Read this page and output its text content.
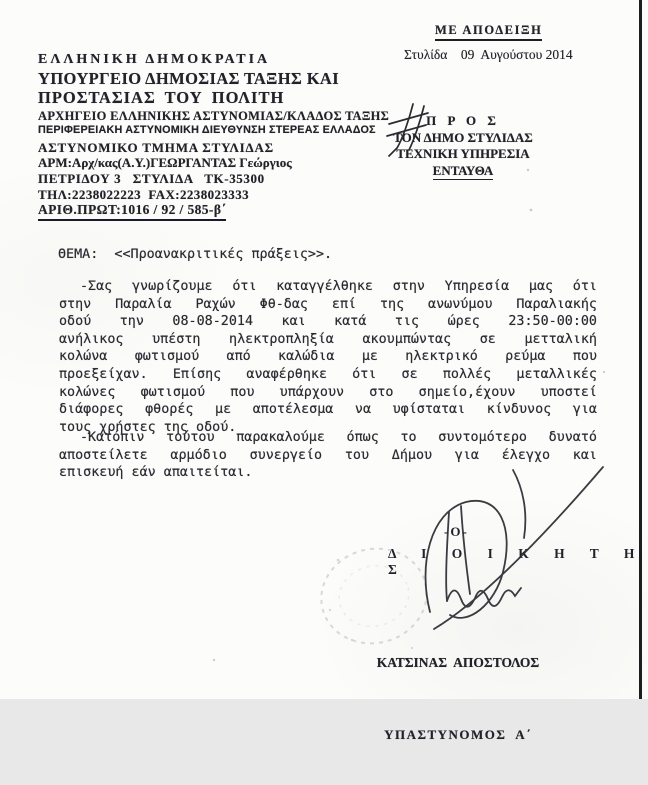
ΜΕ ΑΠΟΔΕΙΞΗ
Στυλίδα    09  Αυγούστου 2014
ΕΛΛΗΝΙΚΗ ΔΗΜΟΚΡΑΤΙΑ
ΥΠΟΥΡΓΕΙΟ ΔΗΜΟΣΙΑΣ ΤΑΞΗΣ ΚΑΙ
ΠΡΟΣΤΑΣΙΑΣ ΤΟΥ ΠΟΛΙΤΗ
ΑΡΧΗΓΕΙΟ ΕΛΛΗΝΙΚΗΣ ΑΣΤΥΝΟΜΙΑΣ/ΚΛΑΔΟΣ ΤΑΞΗΣ
ΠΕΡΙΦΕΡΕΙΑΚΗ ΑΣΤΥΝΟΜΙΚΗ ΔΙΕΥΘΥΝΣΗ ΣΤΕΡΕΑΣ ΕΛΛΑΔΟΣ
ΑΣΤΥΝΟΜΙΚΟ ΤΜΗΜΑ ΣΤΥΛΙΔΑΣ
ΑΡΜ:Αρχ/κας(Α.Υ.)ΓΕΩΡΓΑΝΤΑΣ Γεώργιος
ΠΕΤΡΙΔΟΥ 3   ΣΤΥΛΙΔΑ   ΤΚ-35300
ΤΗΛ:2238022223  FAX:2238023333
ΑΡΙΘ.ΠΡΩΤ:1016 / 92 / 585-β΄
Π Ρ Ο Σ
ΤΟΝ ΔΗΜΟ ΣΤΥΛΙΔΑΣ
ΤΕΧΝΙΚΗ ΥΠΗΡΕΣΙΑ
ΕΝΤΑΥΘΑ
ΘΕΜΑ:  <<Προανακριτικές πράξεις>>.
-Σας γνωρίζουμε ότι καταγγέλθηκε στην Υπηρεσία μας ότι
στην Παραλία Ραχών Φθ-δας επί της ανωνύμου Παραλιακής
οδού την 08-08-2014 και κατά τις ώρες 23:50-00:00
ανήλικος υπέστη ηλεκτροπληξία ακουμπώντας σε μετταλική
κολώνα φωτισμού από καλώδια με ηλεκτρικό ρεύμα που
προεξείχαν. Επίσης αναφέρθηκε ότι σε πολλές μεταλλικές
κολώνες φωτισμού που υπάρχουν στο σημείο,έχουν υποστεί
διάφορες φθορές με αποτέλεσμα να υφίσταται κίνδυνος για
τους χρήστες της οδού.
-Κατόπιν τούτου παρακαλούμε όπως το συντομότερο δυνατό
αποστείλετε αρμόδιο συνεργείο του Δήμου για έλεγχο και
επισκευή εάν απαιτείται.
-Ο-
Δ Ι Ο Ι Κ Η Τ Η Σ

ΚΑΤΣΙΝΑΣ  ΑΠΟΣΤΟΛΟΣ

ΥΠΑΣΤΥΝΟΜΟΣ  Α΄
